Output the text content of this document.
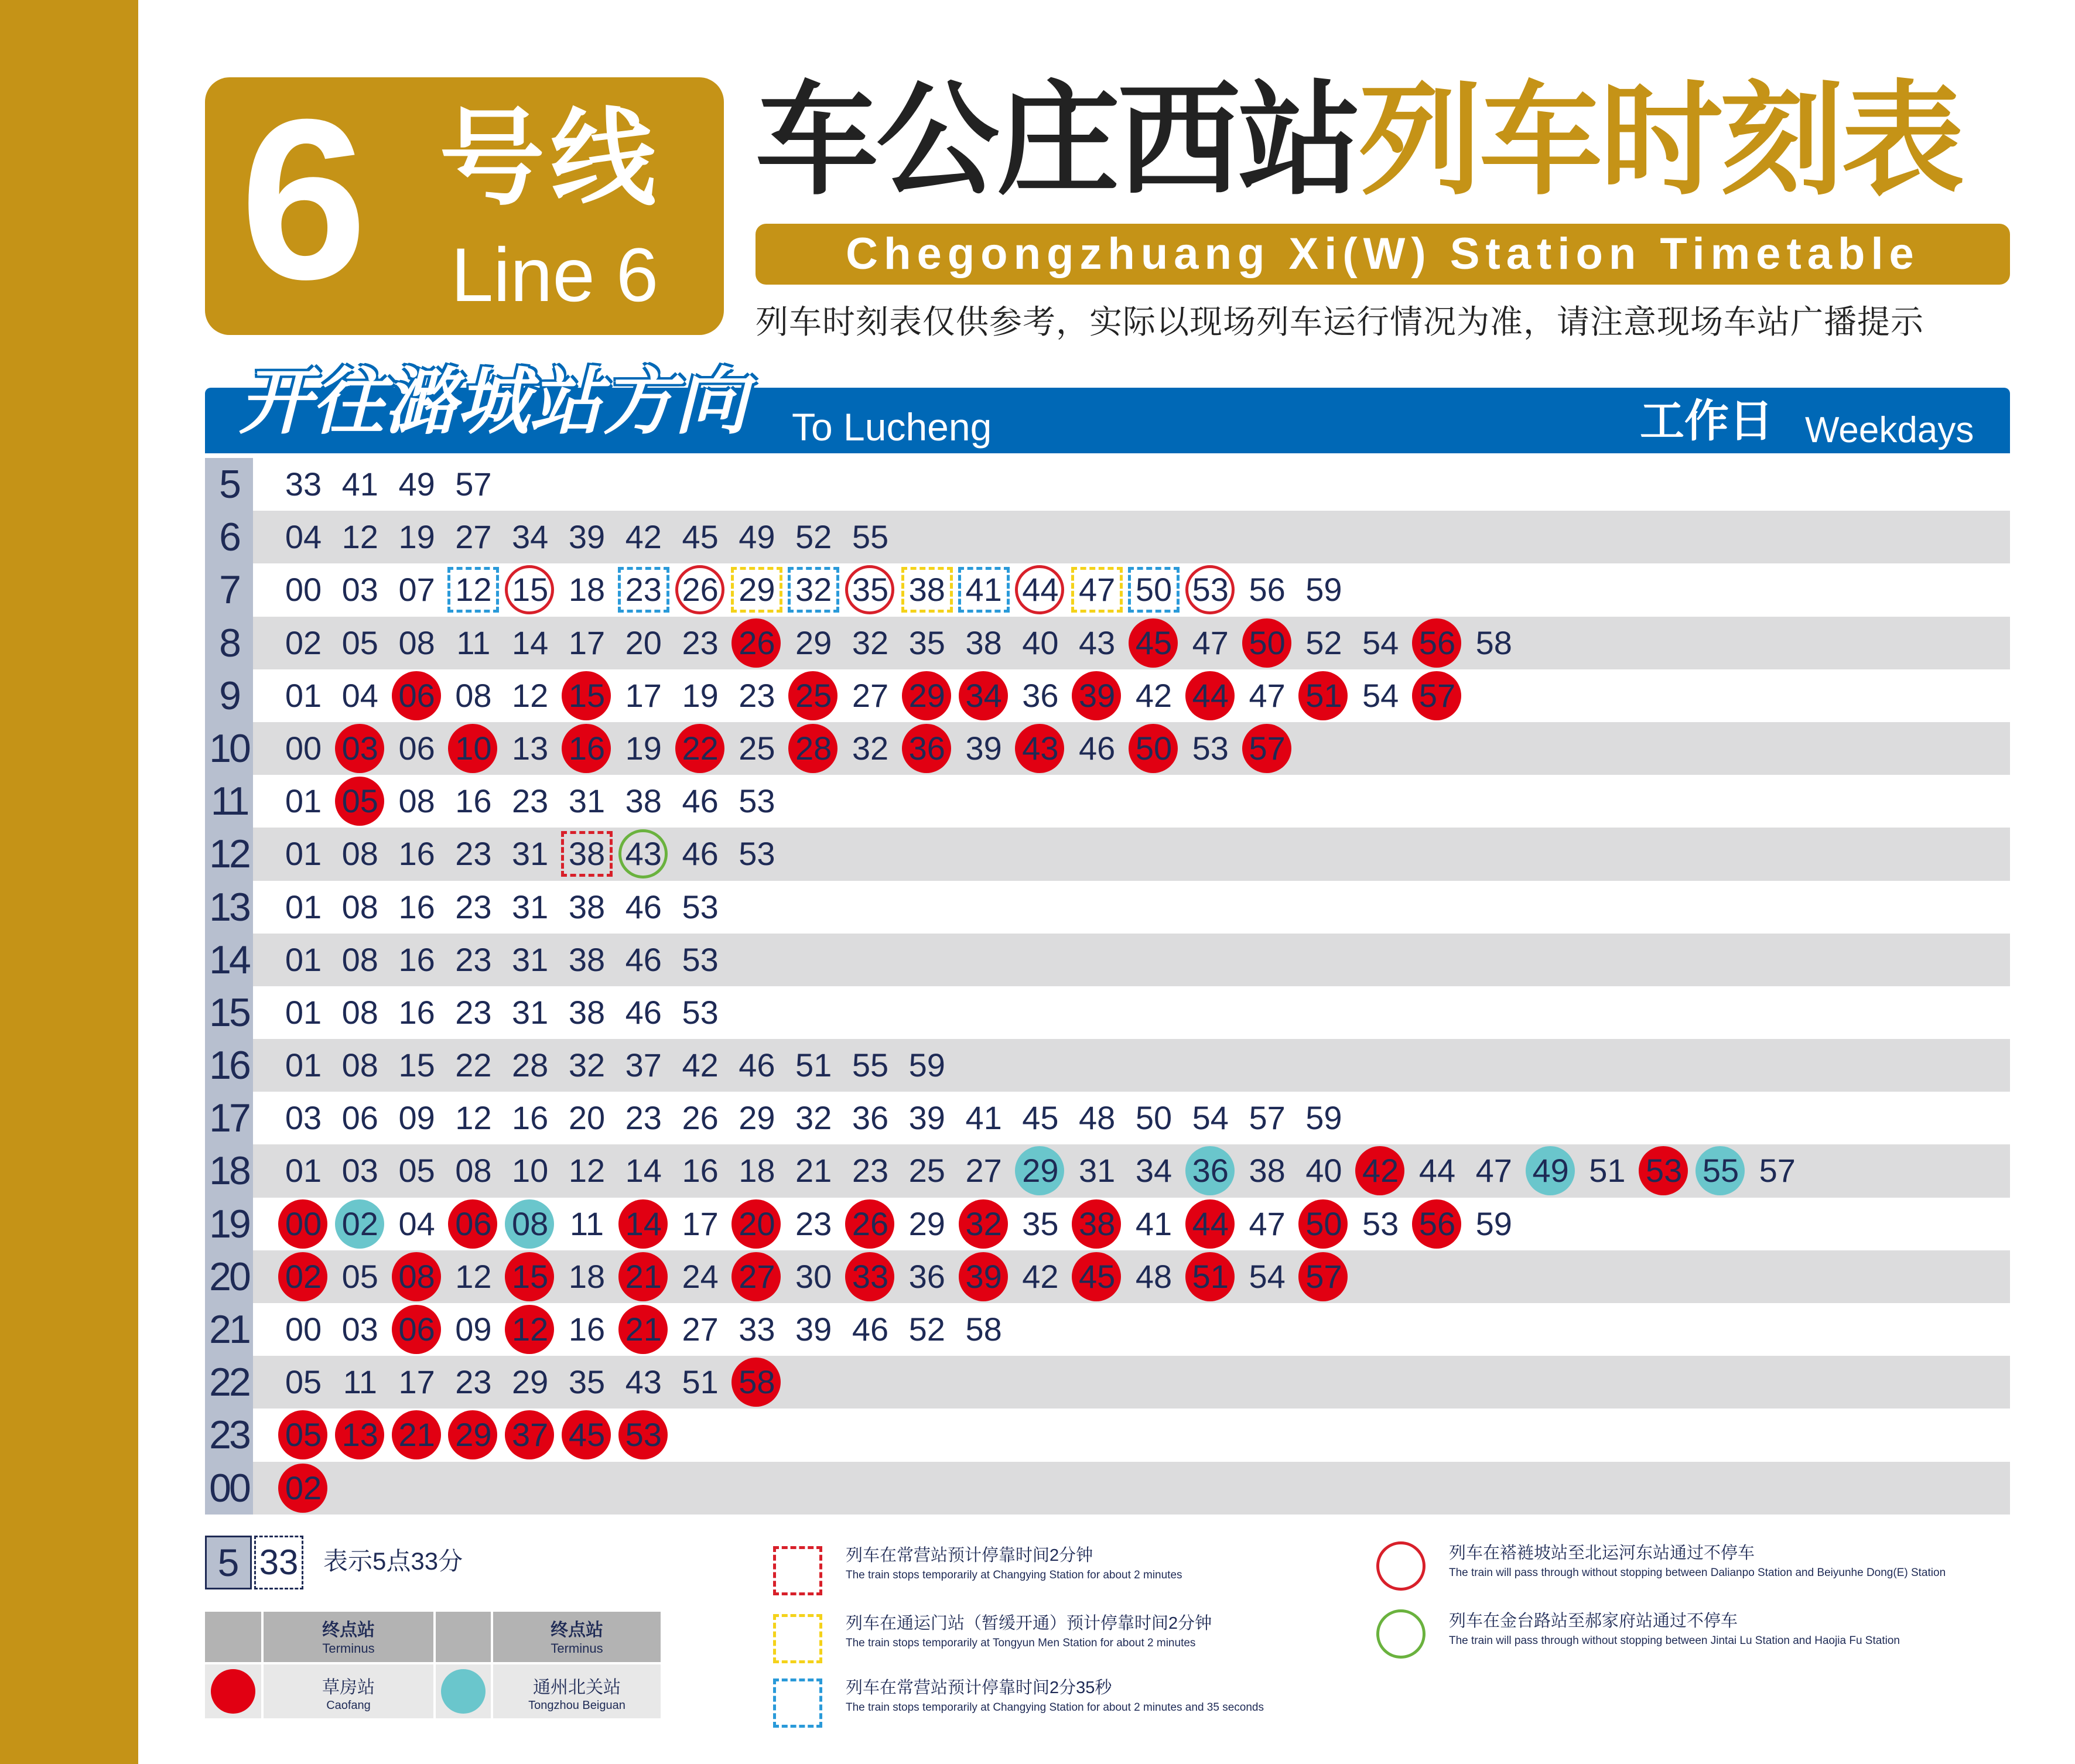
6 号线
Line 6
车公庄西站列车时刻表
Chegongzhuang Xi(W) Station Timetable
列车时刻表仅供参考，实际以现场列车运行情况为准，请注意现场车站广播提示
开往潞城站方向 To Lucheng	工作日 Weekdays
5	33 41 49 57
6	04 12 19 27 34 39 42 45 49 52 55
7	00 03 07 12 15 18 23 26 29 32 35 38 41 44 47 50 53 56 59
8	02 05 08 11 14 17 20 23 26 29 32 35 38 40 43 45 47 50 52 54 56 58
9	01 04 06 08 12 15 17 19 23 25 27 29 34 36 39 42 44 47 51 54 57
10	00 03 06 10 13 16 19 22 25 28 32 36 39 43 46 50 53 57
11	01 05 08 16 23 31 38 46 53
12	01 08 16 23 31 38 43 46 53
13	01 08 16 23 31 38 46 53
14	01 08 16 23 31 38 46 53
15	01 08 16 23 31 38 46 53
16	01 08 15 22 28 32 37 42 46 51 55 59
17	03 06 09 12 16 20 23 26 29 32 36 39 41 45 48 50 54 57 59
18	01 03 05 08 10 12 14 16 18 21 23 25 27 29 31 34 36 38 40 42 44 47 49 51 53 55 57
19	00 02 04 06 08 11 14 17 20 23 26 29 32 35 38 41 44 47 50 53 56 59
20	02 05 08 12 15 18 21 24 27 30 33 36 39 42 45 48 51 54 57
21	00 03 06 09 12 16 21 27 33 39 46 52 58
22	05 11 17 23 29 35 43 51 58
23	05 13 21 29 37 45 53
00	02
5 33 表示5点33分
终点站
Terminus
终点站
Terminus
草房站
Caofang
通州北关站
Tongzhou Beiguan
列车在常营站预计停靠时间2分钟
The train stops temporarily at Changying Station for about 2 minutes
列车在通运门站（暂缓开通）预计停靠时间2分钟
The train stops temporarily at Tongyun Men Station for about 2 minutes
列车在常营站预计停靠时间2分35秒
The train stops temporarily at Changying Station for about 2 minutes and 35 seconds
列车在褡裢坡站至北运河东站通过不停车
The train will pass through without stopping between Dalianpo Station and Beiyunhe Dong(E) Station
列车在金台路站至郝家府站通过不停车
The train will pass through without stopping between Jintai Lu Station and Haojia Fu Station
